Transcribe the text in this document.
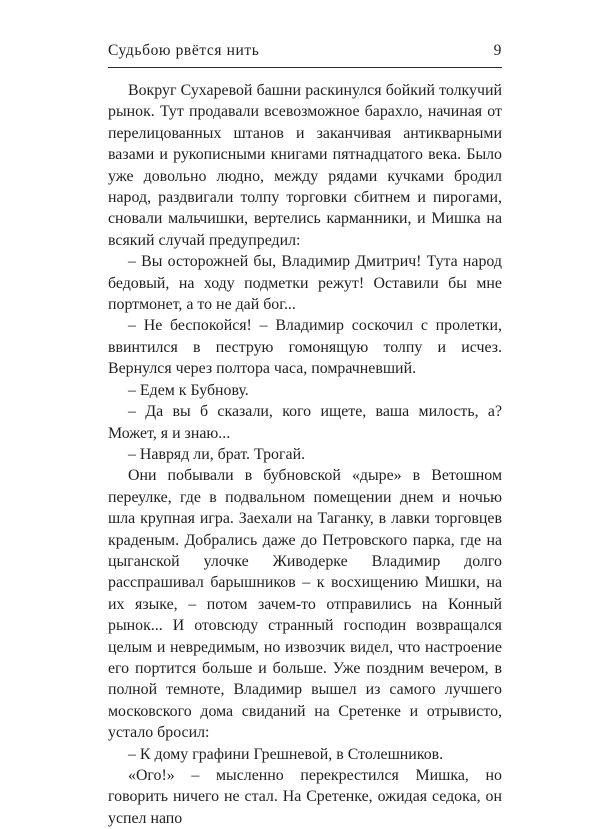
Судьбою рвётся нить	9

Вокруг Сухаревой башни раскинулся бойкий толкучий рынок. Тут продавали всевозможное барахло, начиная от перелицованных штанов и заканчивая антикварными вазами и рукописными книгами пятнадцатого века. Было уже довольно людно, между рядами кучками бродил народ, раздвигали толпу торговки сбитнем и пирогами, сновали мальчишки, вертелись карманники, и Мишка на всякий случай предупредил:

– Вы осторожней бы, Владимир Дмитрич! Тута народ бедовый, на ходу подметки режут! Оставили бы мне портмонет, а то не дай бог...

– Не беспокойся! – Владимир соскочил с пролетки, ввинтился в пеструю гомонящую толпу и исчез. Вернулся через полтора часа, помрачневший.

– Едем к Бубнову.

– Да вы б сказали, кого ищете, ваша милость, а? Может, я и знаю...

– Навряд ли, брат. Трогай.

Они побывали в бубновской «дыре» в Ветошном переулке, где в подвальном помещении днем и ночью шла крупная игра. Заехали на Таганку, в лавки торговцев краденым. Добрались даже до Петровского парка, где на цыганской улочке Живодерке Владимир долго расспрашивал барышников – к восхищению Мишки, на их языке, – потом зачем-то отправились на Конный рынок... И отовсюду странный господин возвращался целым и невредимым, но извозчик видел, что настроение его портится больше и больше. Уже поздним вечером, в полной темноте, Владимир вышел из самого лучшего московского дома свиданий на Сретенке и отрывисто, устало бросил:

– К дому графини Грешневой, в Столешников.

«Ого!» – мысленно перекрестился Мишка, но говорить ничего не стал. На Сретенке, ожидая седока, он успел напо
